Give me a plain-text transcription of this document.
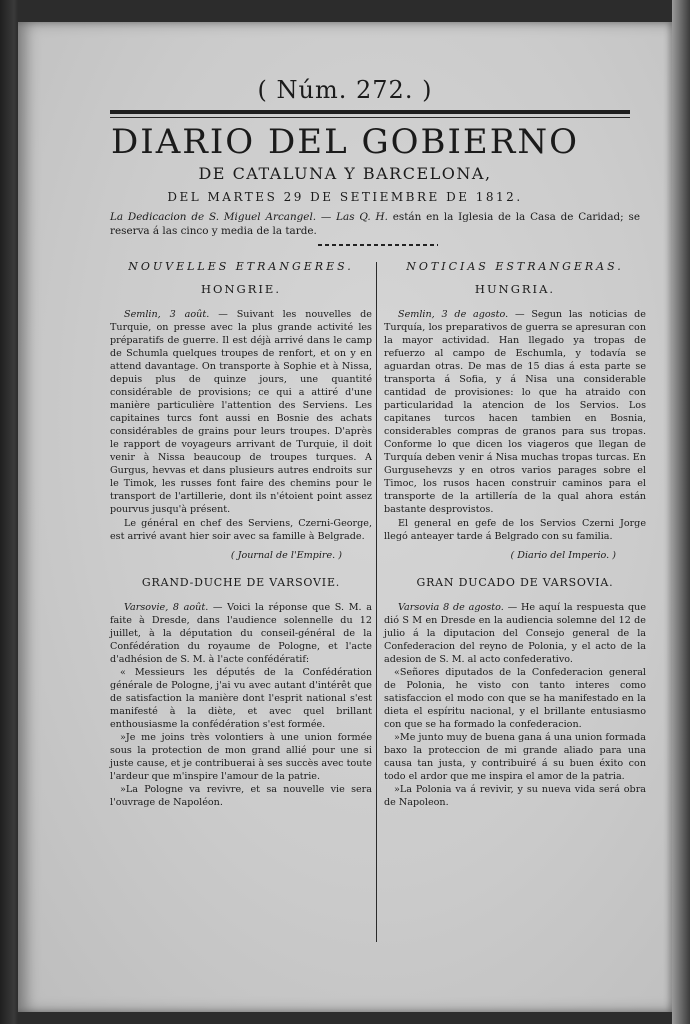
( Núm. 272. )
DIARIO DEL GOBIERNO
DE CATALUNA Y BARCELONA,
DEL MARTES 29 DE SETIEMBRE DE 1812.
La Dedicacion de S. Miguel Arcangel. — Las Q. H. están en la Iglesia de la Casa de Caridad; se reserva á las cinco y media de la tarde.
NOUVELLES ETRANGERES.
HONGRIE.

Semlin, 3 août. — Suivant les nouvelles de Turquie, on presse avec la plus grande activité les préparatifs de guerre. Il est déjà arrivé dans le camp de Schumla quelques troupes de renfort, et on y en attend davantage. On transporte à Sophie et à Nissa, depuis plus de quinze jours, une quantité considérable de provisions; ce qui a attiré d'une manière particulière l'attention des Serviens. Les capitaines turcs font aussi en Bosnie des achats considérables de grains pour leurs troupes. D'après le rapport de voyageurs arrivant de Turquie, il doit venir à Nissa beaucoup de troupes turques. A Gurgus, hevvas et dans plusieurs autres endroits sur le Timok, les russes font faire des chemins pour le transport de l'artillerie, dont ils n'étoient point assez pourvus jusqu'à présent.

Le général en chef des Serviens, Czerni-George, est arrivé avant hier soir avec sa famille à Belgrade.

( Journal de l'Empire. )
GRAND-DUCHE DE VARSOVIE.

Varsovie, 8 août. — Voici la réponse que S. M. a faite à Dresde, dans l'audience solennelle du 12 juillet, à la députation du conseil-général de la Confédération du royaume de Pologne, et l'acte d'adhésion de S. M. à l'acte confédératif:

« Messieurs les députés de la Confédération générale de Pologne, j'ai vu avec autant d'intérêt que de satisfaction la manière dont l'esprit national s'est manifesté à la diète, et avec quel brillant enthousiasme la confédération s'est formée.

»Je me joins très volontiers à une union formée sous la protection de mon grand allié pour une si juste cause, et je contribuerai à ses succès avec toute l'ardeur que m'inspire l'amour de la patrie.

»La Pologne va revivre, et sa nouvelle vie sera l'ouvrage de Napoléon.

NOTICIAS ESTRANGERAS.
HUNGRIA.

Semlin, 3 de agosto. — Segun las noticias de Turquía, los preparativos de guerra se apresuran con la mayor actividad. Han llegado ya tropas de refuerzo al campo de Eschumla, y todavía se aguardan otras. De mas de 15 dias á esta parte se transporta á Sofia, y á Nisa una considerable cantidad de provisiones: lo que ha atraido con particularidad la atencion de los Servios. Los capitanes turcos hacen tambien en Bosnia, considerables compras de granos para sus tropas. Conforme lo que dicen los viageros que llegan de Turquía deben venir á Nisa muchas tropas turcas. En Gurgusehevzs y en otros varios parages sobre el Timoc, los rusos hacen construir caminos para el transporte de la artillería de la qual ahora están bastante desprovistos.

El general en gefe de los Servios Czerni Jorge llegó anteayer tarde á Belgrado con su familia.

( Diario del Imperio. )
GRAN DUCADO DE VARSOVIA.

Varsovia 8 de agosto. — He aquí la respuesta que dió S M en Dresde en la audiencia solemne del 12 de julio á la diputacion del Consejo general de la Confederacion del reyno de Polonia, y el acto de la adesion de S. M. al acto confederativo.

«Señores diputados de la Confederacion general de Polonia, he visto con tanto interes como satisfaccion el modo con que se ha manifestado en la dieta el espíritu nacional, y el brillante entusiasmo con que se ha formado la confederacion.

»Me junto muy de buena gana á una union formada baxo la proteccion de mi grande aliado para una causa tan justa, y contribuiré á su buen éxito con todo el ardor que me inspira el amor de la patria.

»La Polonia va á revivir, y su nueva vida será obra de Napoleon.
